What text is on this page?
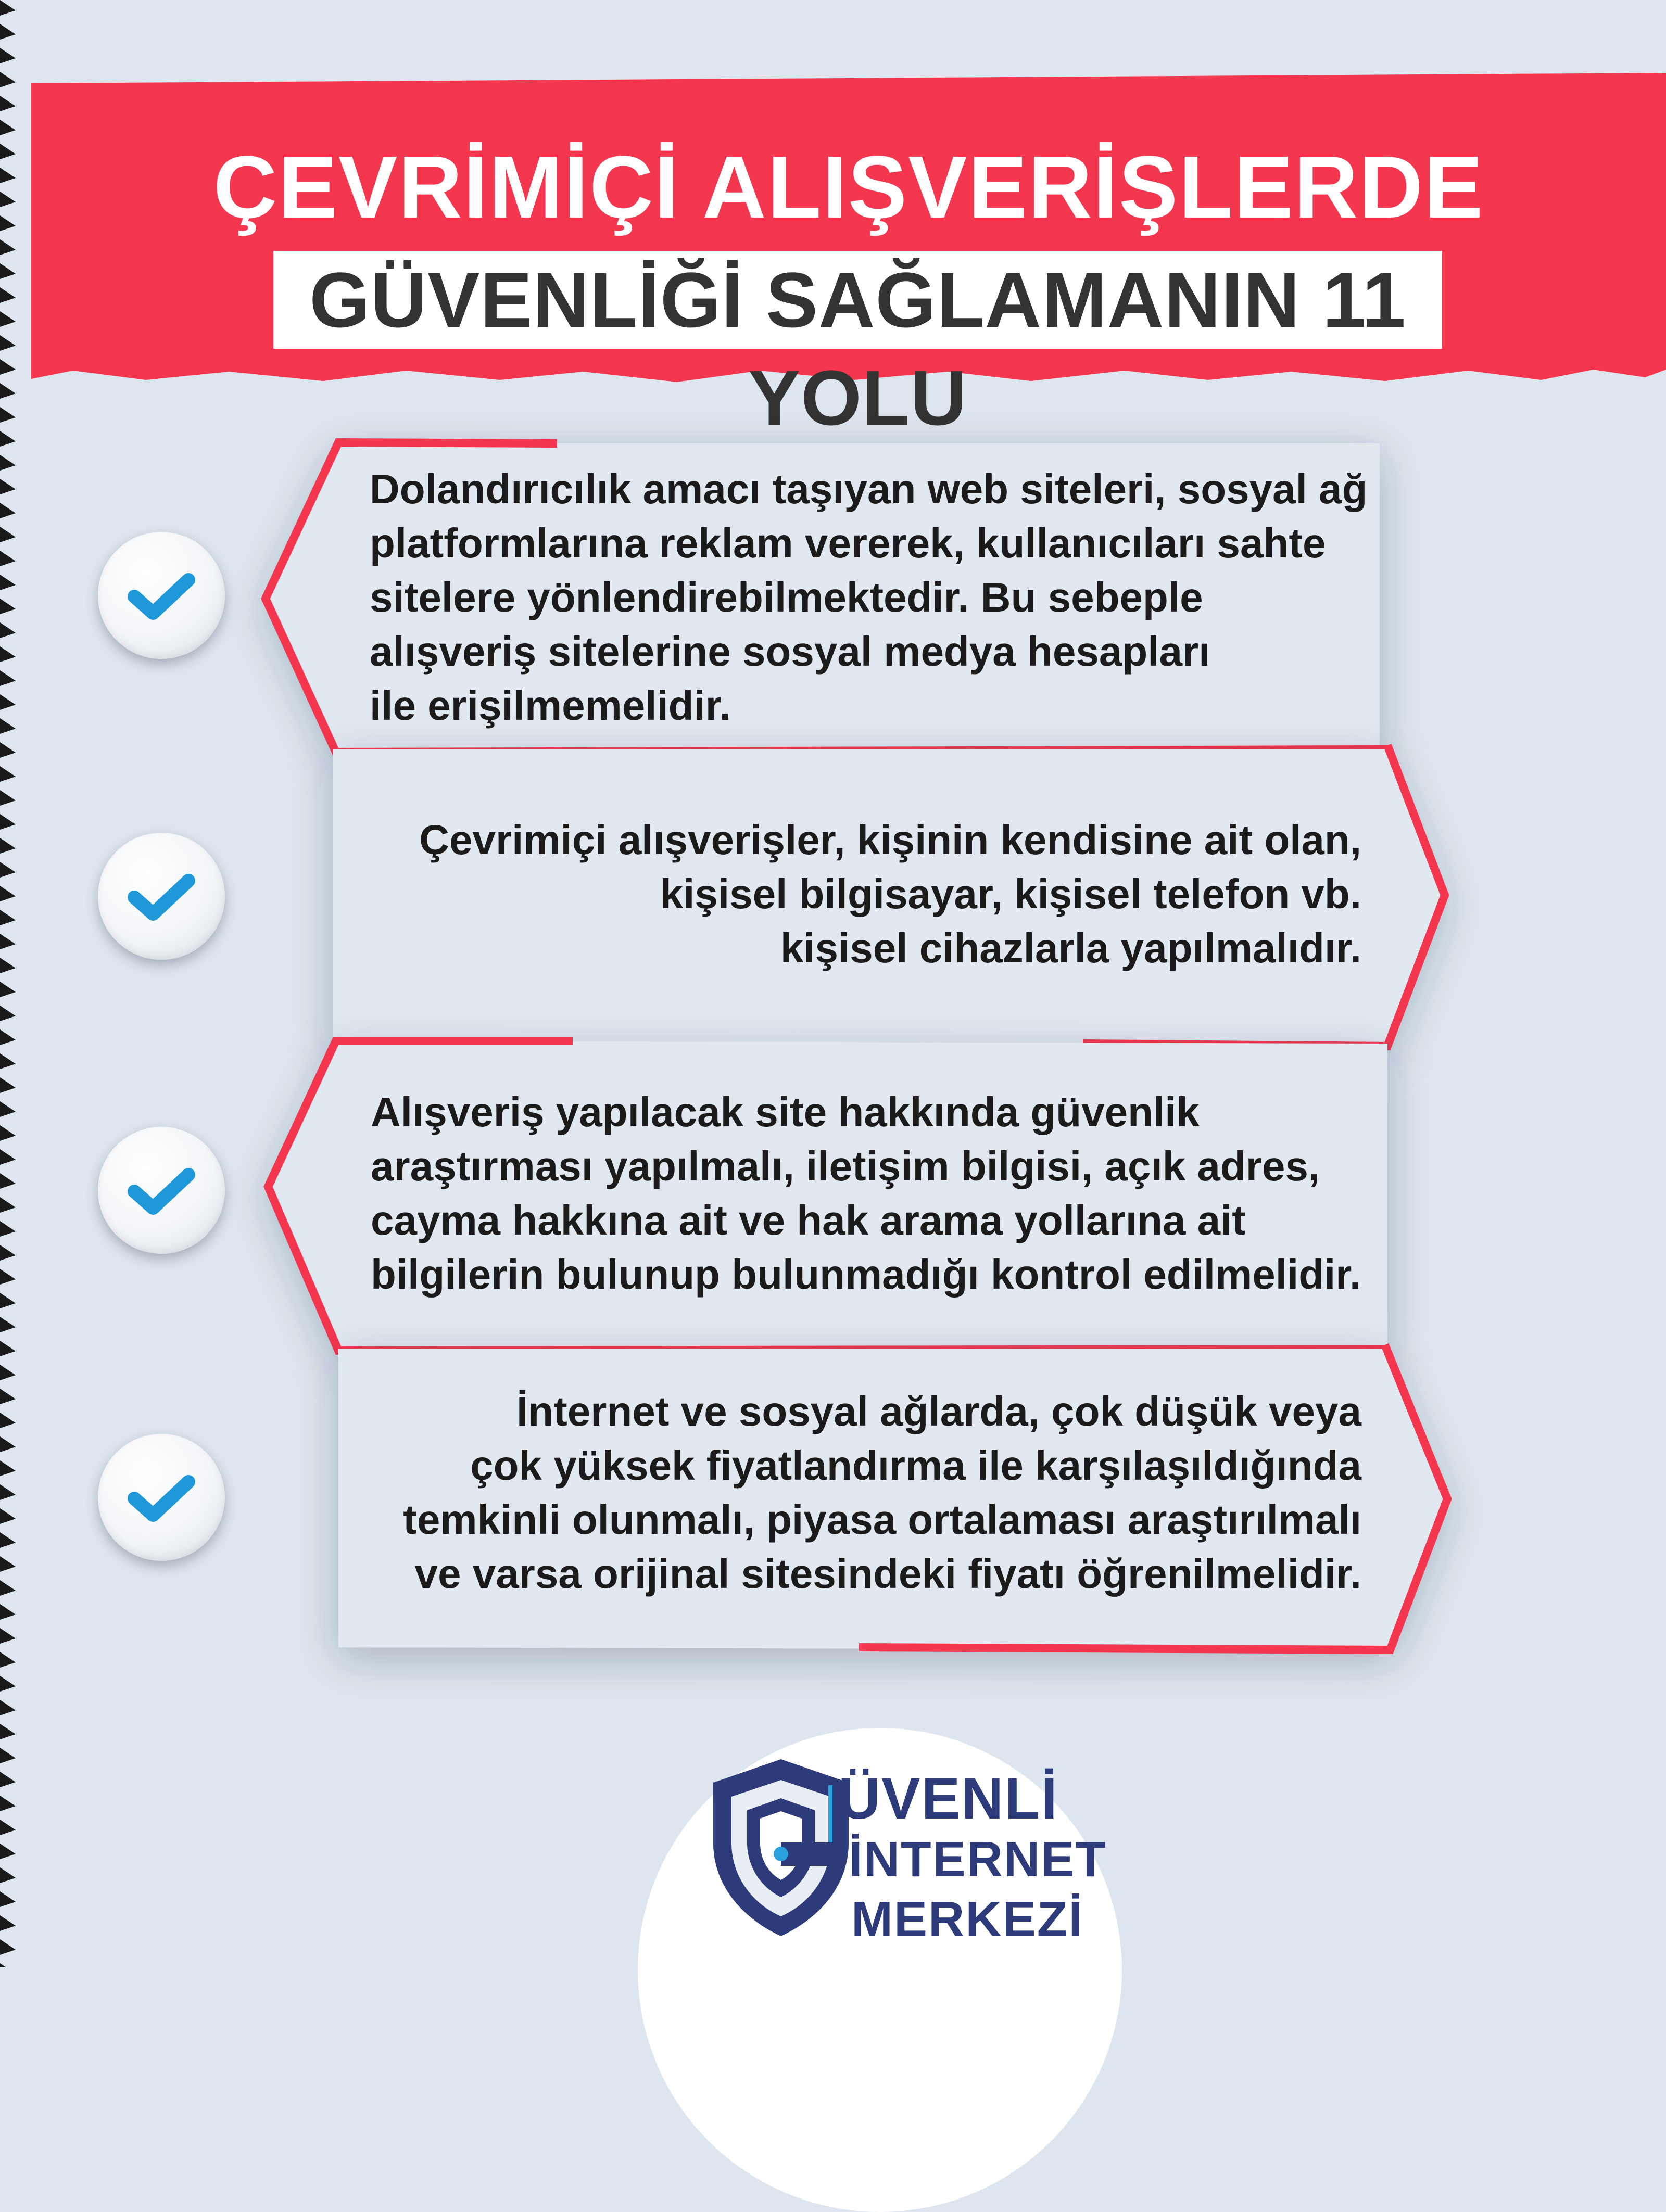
ÇEVRİMİÇİ ALIŞVERİŞLERDE
GÜVENLİĞİ SAĞLAMANIN 11 YOLU
Dolandırıcılık amacı taşıyan web siteleri, sosyal ağ
platformlarına reklam vererek, kullanıcıları sahte
sitelere yönlendirebilmektedir. Bu sebeple
alışveriş sitelerine sosyal medya hesapları
ile erişilmemelidir.
Çevrimiçi alışverişler, kişinin kendisine ait olan,
kişisel bilgisayar, kişisel telefon vb.
kişisel cihazlarla yapılmalıdır.
Alışveriş yapılacak site hakkında güvenlik
araştırması yapılmalı, iletişim bilgisi, açık adres,
cayma hakkına ait ve hak arama yollarına ait
bilgilerin bulunup bulunmadığı kontrol edilmelidir.
İnternet ve sosyal ağlarda, çok düşük veya
çok yüksek fiyatlandırma ile karşılaşıldığında
temkinli olunmalı, piyasa ortalaması araştırılmalı
ve varsa orijinal sitesindeki fiyatı öğrenilmelidir.
ÜVENLİ
İNTERNET
MERKEZİ
